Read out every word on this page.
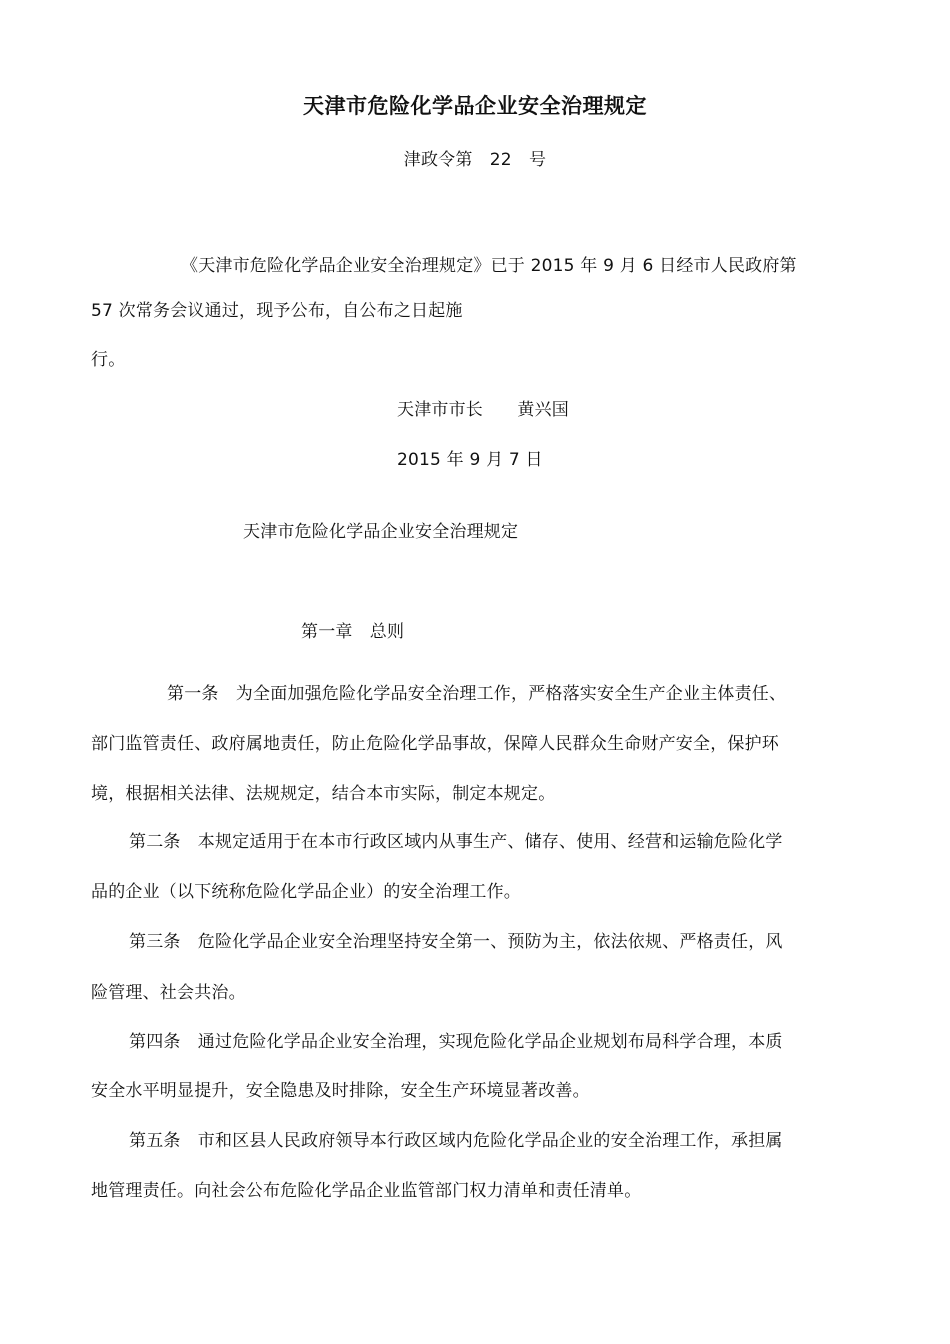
天津市危险化学品企业安全治理规定
津政令第　22　号
《天津市危险化学品企业安全治理规定》已于 2015 年 9 月 6 日经市人民政府第
57 次常务会议通过，现予公布，自公布之日起施
行。
天津市市长　　黄兴国
2015 年 9 月 7 日
天津市危险化学品企业安全治理规定
第一章　总则
第一条　为全面加强危险化学品安全治理工作，严格落实安全生产企业主体责任、
部门监管责任、政府属地责任，防止危险化学品事故，保障人民群众生命财产安全，保护环
境，根据相关法律、法规规定，结合本市实际，制定本规定。
第二条　本规定适用于在本市行政区域内从事生产、储存、使用、经营和运输危险化学
品的企业（以下统称危险化学品企业）的安全治理工作。
第三条　危险化学品企业安全治理坚持安全第一、预防为主，依法依规、严格责任，风
险管理、社会共治。
第四条　通过危险化学品企业安全治理，实现危险化学品企业规划布局科学合理，本质
安全水平明显提升，安全隐患及时排除，安全生产环境显著改善。
第五条　市和区县人民政府领导本行政区域内危险化学品企业的安全治理工作，承担属
地管理责任。向社会公布危险化学品企业监管部门权力清单和责任清单。
